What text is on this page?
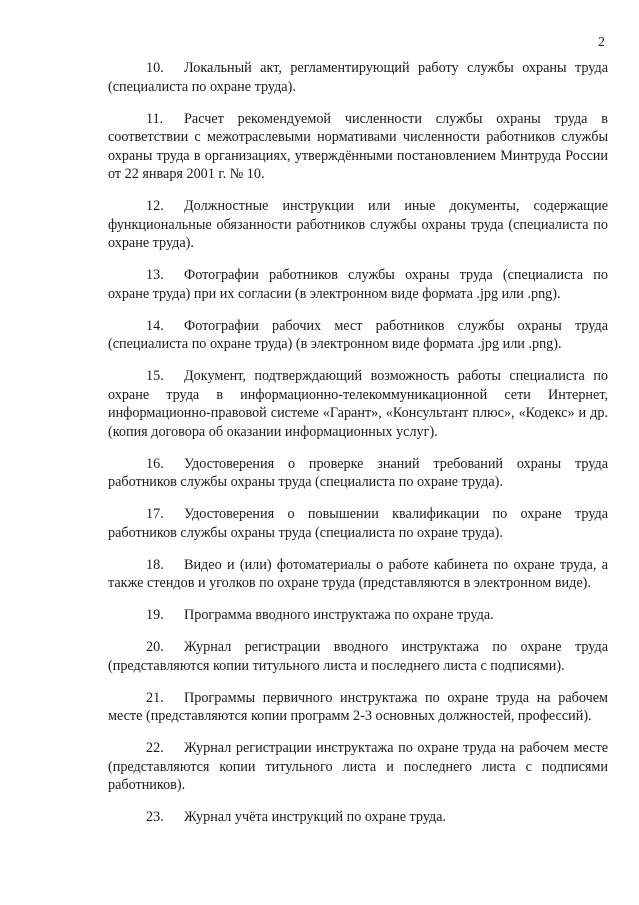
2

10. Локальный акт, регламентирующий работу службы охраны труда (специалиста по охране труда).

11. Расчет рекомендуемой численности службы охраны труда в соответствии с межотраслевыми нормативами численности работников службы охраны труда в организациях, утверждёнными постановлением Минтруда России от 22 января 2001 г. № 10.

12. Должностные инструкции или иные документы, содержащие функциональные обязанности работников службы охраны труда (специалиста по охране труда).

13. Фотографии работников службы охраны труда (специалиста по охране труда) при их согласии (в электронном виде формата .jpg или .png).

14. Фотографии рабочих мест работников службы охраны труда (специалиста по охране труда) (в электронном виде формата .jpg или .png).

15. Документ, подтверждающий возможность работы специалиста по охране труда в информационно-телекоммуникационной сети Интернет, информационно-правовой системе «Гарант», «Консультант плюс», «Кодекс» и др. (копия договора об оказании информационных услуг).

16. Удостоверения о проверке знаний требований охраны труда работников службы охраны труда (специалиста по охране труда).

17. Удостоверения о повышении квалификации по охране труда работников службы охраны труда (специалиста по охране труда).

18. Видео и (или) фотоматериалы о работе кабинета по охране труда, а также стендов и уголков по охране труда (представляются в электронном виде).

19. Программа вводного инструктажа по охране труда.

20. Журнал регистрации вводного инструктажа по охране труда (представляются копии титульного листа и последнего листа с подписями).

21. Программы первичного инструктажа по охране труда на рабочем месте (представляются копии программ 2-3 основных должностей, профессий).

22. Журнал регистрации инструктажа по охране труда на рабочем месте (представляются копии титульного листа и последнего листа с подписями работников).

23. Журнал учёта инструкций по охране труда.
